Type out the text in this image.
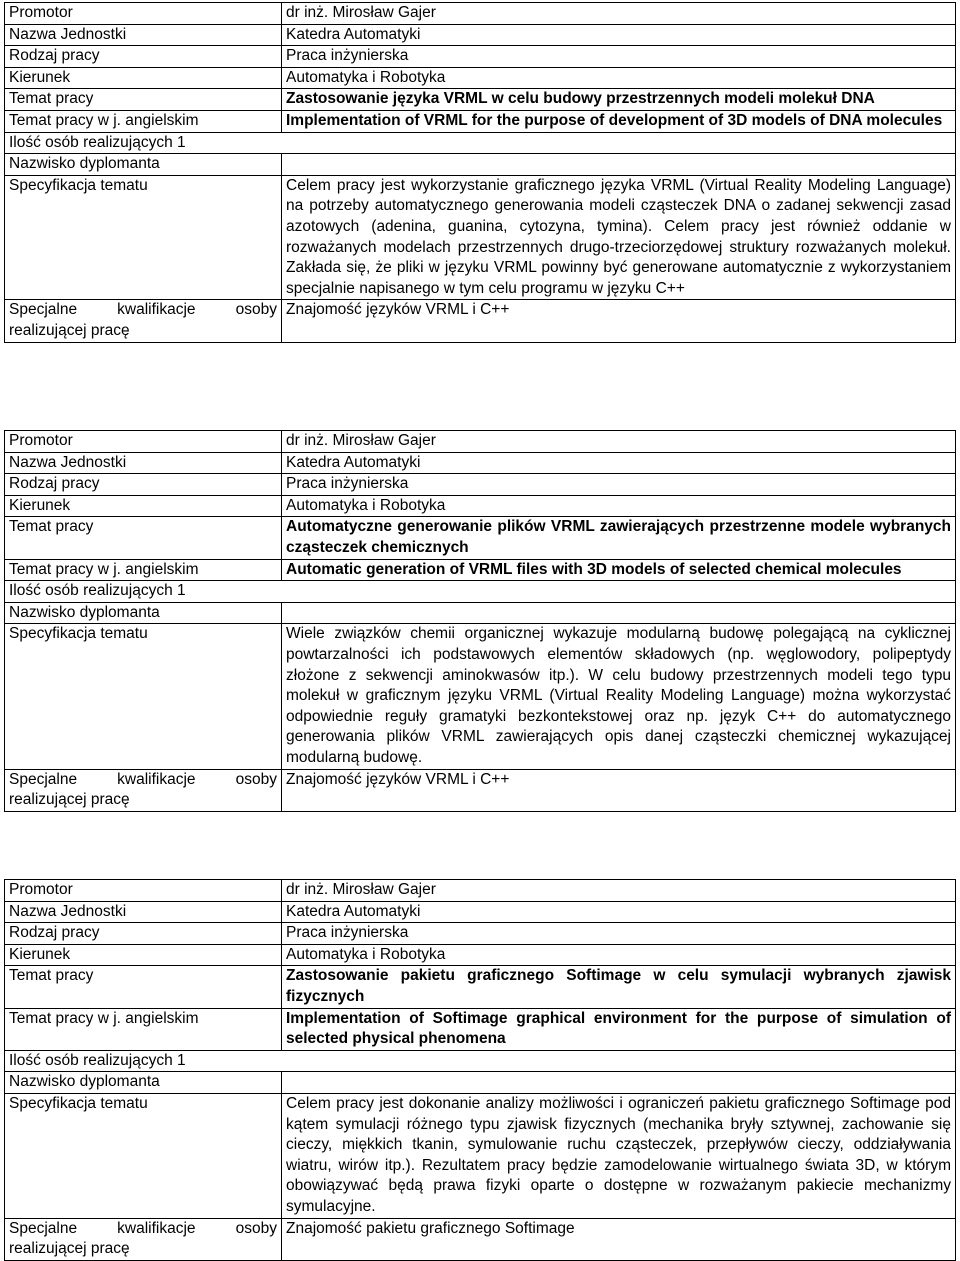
Promotor	dr inż. Mirosław Gajer
Nazwa Jednostki	Katedra Automatyki
Rodzaj pracy	Praca inżynierska
Kierunek	Automatyka i Robotyka
Temat pracy	Zastosowanie języka VRML w celu budowy przestrzennych modeli molekuł DNA
Temat pracy w j. angielskim	Implementation of VRML for the purpose of development of 3D models of DNA molecules
Ilość osób realizujących 1	
Nazwisko dyplomanta	
Specyfikacja tematu	Celem pracy jest wykorzystanie graficznego języka VRML (Virtual Reality Modeling Language) na potrzeby automatycznego generowania modeli cząsteczek DNA o zadanej sekwencji zasad azotowych (adenina, guanina, cytozyna, tymina). Celem pracy jest również oddanie w rozważanych modelach przestrzennych drugo-trzeciorzędowej struktury rozważanych molekuł. Zakłada się, że pliki w języku VRML powinny być generowane automatycznie z wykorzystaniem specjalnie napisanego w tym celu programu w języku C++
Specjalne kwalifikacje osoby realizującej pracę	Znajomość języków VRML i C++
Promotor	dr inż. Mirosław Gajer
Nazwa Jednostki	Katedra Automatyki
Rodzaj pracy	Praca inżynierska
Kierunek	Automatyka i Robotyka
Temat pracy	Automatyczne generowanie plików VRML zawierających przestrzenne modele wybranych cząsteczek chemicznych
Temat pracy w j. angielskim	Automatic generation of VRML files with 3D models of selected chemical molecules
Ilość osób realizujących 1	
Nazwisko dyplomanta	
Specyfikacja tematu	Wiele związków chemii organicznej wykazuje modularną budowę polegającą na cyklicznej powtarzalności ich podstawowych elementów składowych (np. węglowodory, polipeptydy złożone z sekwencji aminokwasów itp.). W celu budowy przestrzennych modeli tego typu molekuł w graficznym języku VRML (Virtual Reality Modeling Language) można wykorzystać odpowiednie reguły gramatyki bezkontekstowej oraz np. język C++ do automatycznego generowania plików VRML zawierających opis danej cząsteczki chemicznej wykazującej modularną budowę.
Specjalne kwalifikacje osoby realizującej pracę	Znajomość języków VRML i C++
Promotor	dr inż. Mirosław Gajer
Nazwa Jednostki	Katedra Automatyki
Rodzaj pracy	Praca inżynierska
Kierunek	Automatyka i Robotyka
Temat pracy	Zastosowanie pakietu graficznego Softimage w celu symulacji wybranych zjawisk fizycznych
Temat pracy w j. angielskim	Implementation of Softimage graphical environment for the purpose of simulation of selected physical phenomena
Ilość osób realizujących 1	
Nazwisko dyplomanta	
Specyfikacja tematu	Celem pracy jest dokonanie analizy możliwości i ograniczeń pakietu graficznego Softimage pod kątem symulacji różnego typu zjawisk fizycznych (mechanika bryły sztywnej, zachowanie się cieczy, miękkich tkanin, symulowanie ruchu cząsteczek, przepływów cieczy, oddziaływania wiatru, wirów itp.). Rezultatem pracy będzie zamodelowanie wirtualnego świata 3D, w którym obowiązywać będą prawa fizyki oparte o dostępne w rozważanym pakiecie mechanizmy symulacyjne.
Specjalne kwalifikacje osoby realizującej pracę	Znajomość pakietu graficznego Softimage
